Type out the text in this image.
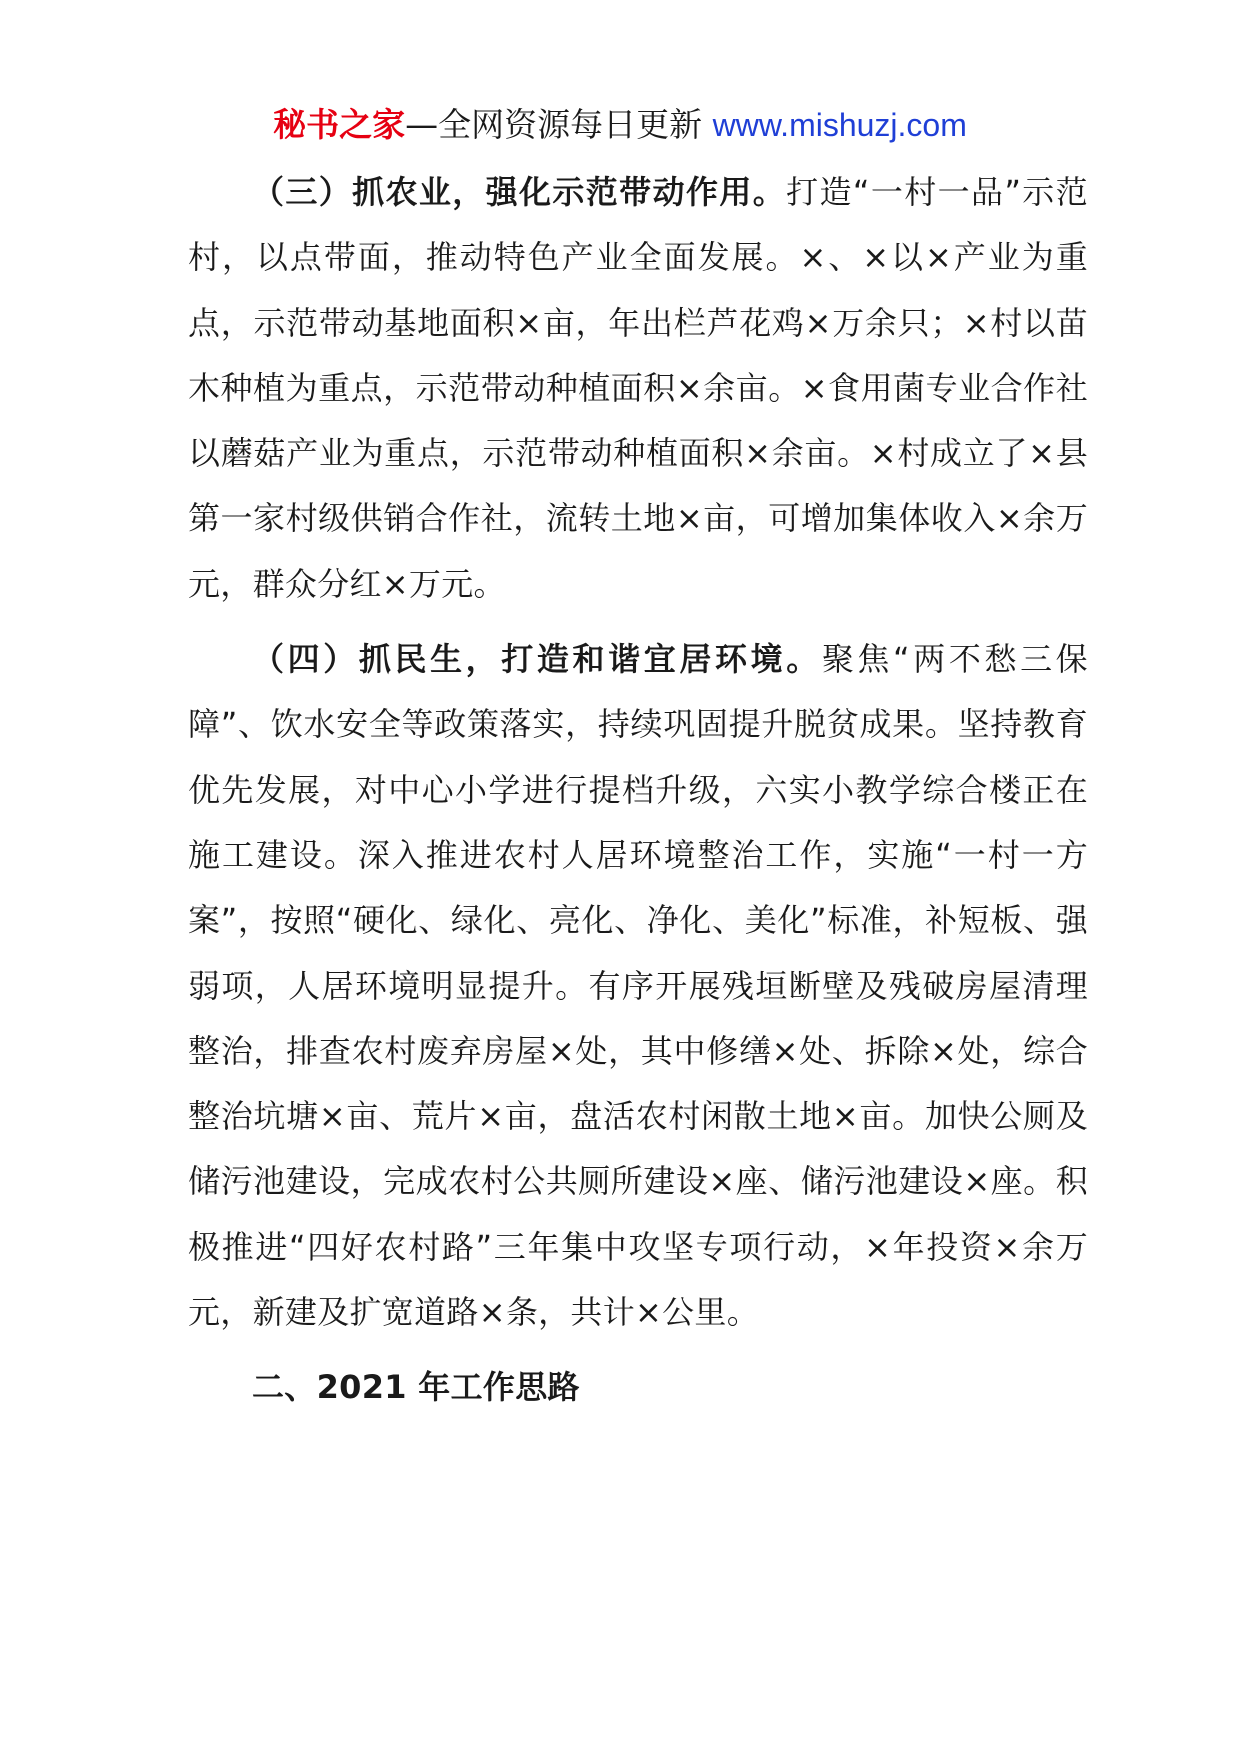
秘书之家—全网资源每日更新 www.mishuzj.com

（三）抓农业，强化示范带动作用。打造“一村一品”示范村，以点带面，推动特色产业全面发展。×、×以×产业为重点，示范带动基地面积×亩，年出栏芦花鸡×万余只；×村以苗木种植为重点，示范带动种植面积×余亩。×食用菌专业合作社以蘑菇产业为重点，示范带动种植面积×余亩。×村成立了×县第一家村级供销合作社，流转土地×亩，可增加集体收入×余万元，群众分红×万元。

（四）抓民生，打造和谐宜居环境。聚焦“两不愁三保障”、饮水安全等政策落实，持续巩固提升脱贫成果。坚持教育优先发展，对中心小学进行提档升级，六实小教学综合楼正在施工建设。深入推进农村人居环境整治工作，实施“一村一方案”，按照“硬化、绿化、亮化、净化、美化”标准，补短板、强弱项，人居环境明显提升。有序开展残垣断壁及残破房屋清理整治，排查农村废弃房屋×处，其中修缮×处、拆除×处，综合整治坑塘×亩、荒片×亩，盘活农村闲散土地×亩。加快公厕及储污池建设，完成农村公共厕所建设×座、储污池建设×座。积极推进“四好农村路”三年集中攻坚专项行动，×年投资×余万元，新建及扩宽道路×条，共计×公里。

二、2021 年工作思路
